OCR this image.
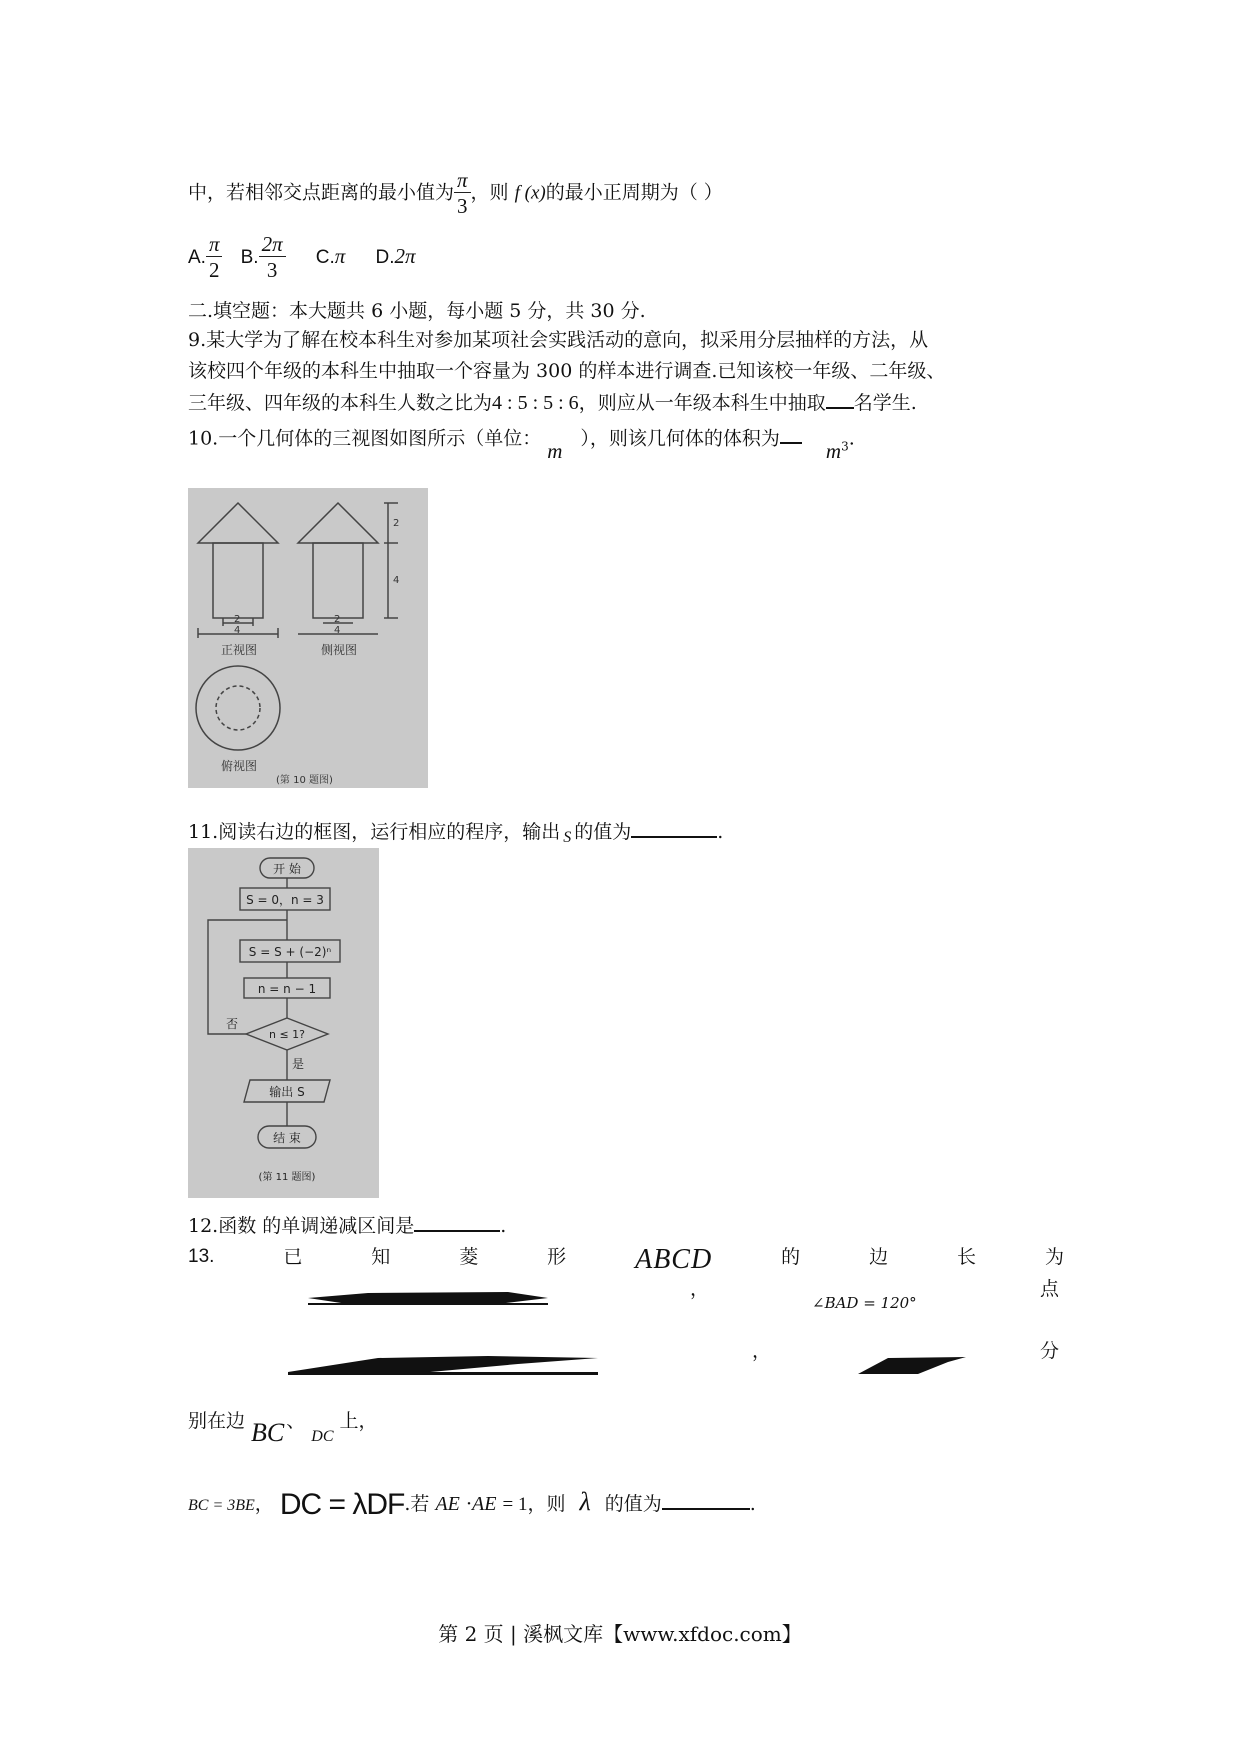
中，若相邻交点距离的最小值为 $\frac{\pi}{3}$ ，则 f (x)的最小正周期为（ ）
A. $\frac{\pi}{2} B$. $\frac{2\pi}{3} C.\pi$ D.2π
二.填空题：本大题共 6 小题，每小题 5 分，共 30 分.
9.某大学为了解在校本科生对参加某项社会实践活动的意向，拟采用分层抽样的方法，从
该校四个年级的本科生中抽取一个容量为 300 的样本进行调查.已知该校一年级、二年级、
三年级、四年级的本科生人数之比为4 : 5 : 5 : 6，则应从一年级本科生中抽取 名学生.
10.一个几何体的三视图如图所示（单位：m），则该几何体的体积为$m^3$.
2
4
2
4
2
4
正视图	侧视图
俯视图
(第 10 题图)
11.阅读右边的框图，运行相应的程序，输出 $_S$ 的值为	.
开 始
S = 0，n = 3
S = S + (−2)ⁿ
n = n − 1
n ≤ 1?
是
否
输出 S
结 束
(第 11 题图)
12.函数 的单调递减区间是	.
13.	已	知	菱	形 ABCD	的	边	长	为
，
∠BAD = 120°
点
，	分
别在边 BC 、$_{DC}$上，
BC = 3BE， DC = λDF.若 AE ·AE = 1，则 λ 的值为	.
第 2 页 | 溪枫文库【www.xfdoc.com】
